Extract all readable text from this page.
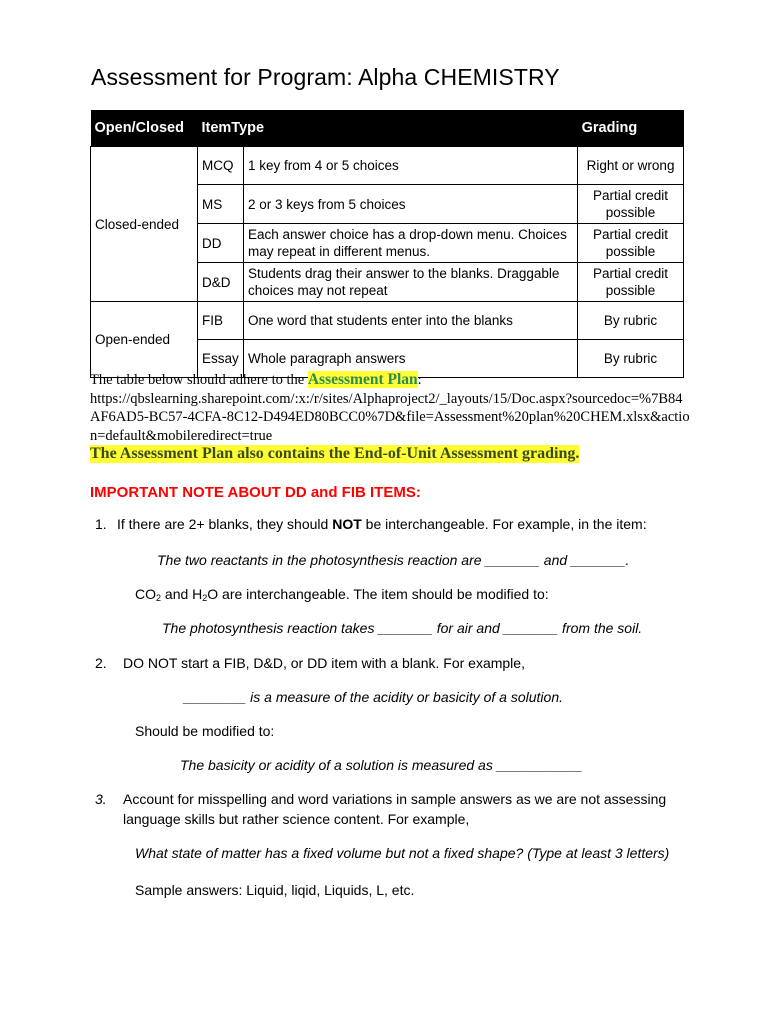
Assessment for Program: Alpha CHEMISTRY
Open/Closed	ItemType		Grading
Closed-ended	MCQ	1 key from 4 or 5 choices	Right or wrong
	MS	2 or 3 keys from 5 choices	Partial credit possible
	DD	Each answer choice has a drop-down menu. Choices may repeat in different menus.	Partial credit possible
	D&D	Students drag their answer to the blanks. Draggable choices may not repeat	Partial credit possible
Open-ended	FIB	One word that students enter into the blanks	By rubric
	Essay	Whole paragraph answers	By rubric
The table below should adhere to the Assessment Plan:
https://qbslearning.sharepoint.com/:x:/r/sites/Alphaproject2/_layouts/15/Doc.aspx?sourcedoc=%7B84AF6AD5-BC57-4CFA-8C12-D494ED80BCC0%7D&file=Assessment%20plan%20CHEM.xlsx&action=default&mobileredirect=true
The Assessment Plan also contains the End-of-Unit Assessment grading.
IMPORTANT NOTE ABOUT DD and FIB ITEMS:
1. If there are 2+ blanks, they should NOT be interchangeable. For example, in the item:
The two reactants in the photosynthesis reaction are _______ and _______.
$CO_2$ and $H_2O$ are interchangeable. The item should be modified to:
The photosynthesis reaction takes _______ for air and _______ from the soil.
2. DO NOT start a FIB, D&D, or DD item with a blank. For example,
________ is a measure of the acidity or basicity of a solution.
Should be modified to:
The basicity or acidity of a solution is measured as ___________
3. Account for misspelling and word variations in sample answers as we are not assessing
language skills but rather science content. For example,
What state of matter has a fixed volume but not a fixed shape? (Type at least 3 letters)
Sample answers: Liquid, liqid, Liquids, L, etc.
